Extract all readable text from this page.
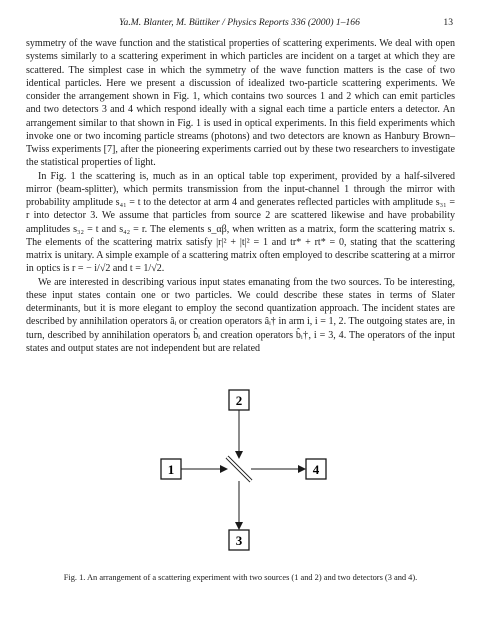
Ya.M. Blanter, M. Büttiker / Physics Reports 336 (2000) 1–166	13

symmetry of the wave function and the statistical properties of scattering experiments. We deal with open systems similarly to a scattering experiment in which particles are incident on a target at which they are scattered. The simplest case in which the symmetry of the wave function matters is the case of two identical particles. Here we present a discussion of idealized two-particle scattering experiments. We consider the arrangement shown in Fig. 1, which contains two sources 1 and 2 which can emit particles and two detectors 3 and 4 which respond ideally with a signal each time a particle enters a detector. An arrangement similar to that shown in Fig. 1 is used in optical experiments. In this field experiments which invoke one or two incoming particle streams (photons) and two detectors are known as Hanbury Brown–Twiss experiments [7], after the pioneering experiments carried out by these two researchers to investigate the statistical properties of light.

In Fig. 1 the scattering is, much as in an optical table top experiment, provided by a half-silvered mirror (beam-splitter), which permits transmission from the input-channel 1 through the mirror with probability amplitude s₄₁ = t to the detector at arm 4 and generates reflected particles with amplitude s₃₁ = r into detector 3. We assume that particles from source 2 are scattered likewise and have probability amplitudes s₃₂ = t and s₄₂ = r. The elements s_αβ, when written as a matrix, form the scattering matrix s. The elements of the scattering matrix satisfy |r|² + |t|² = 1 and tr* + rt* = 0, stating that the scattering matrix is unitary. A simple example of a scattering matrix often employed to describe scattering at a mirror in optics is r = − i/√2 and t = 1/√2.

We are interested in describing various input states emanating from the two sources. To be interesting, these input states contain one or two particles. We could describe these states in terms of Slater determinants, but it is more elegant to employ the second quantization approach. The incident states are described by annihilation operators âᵢ or creation operators âᵢ† in arm i, i = 1, 2. The outgoing states are, in turn, described by annihilation operators b̂ᵢ and creation operators b̂ᵢ†, i = 3, 4. The operators of the input states and output states are not independent but are related

2
1	4
3
Fig. 1. An arrangement of a scattering experiment with two sources (1 and 2) and two detectors (3 and 4).
